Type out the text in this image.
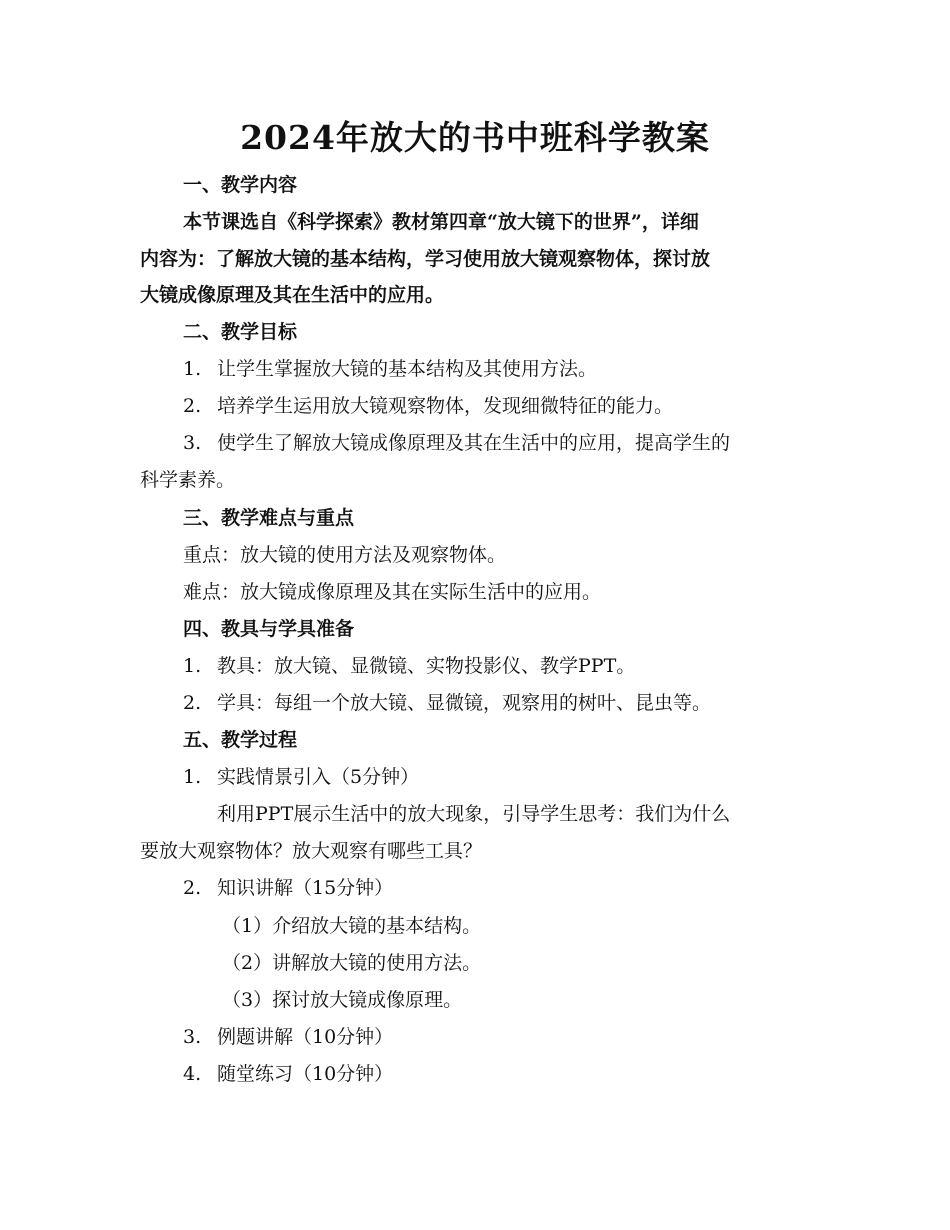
2024年放大的书中班科学教案
一、教学内容
本节课选自《科学探索》教材第四章“放大镜下的世界”，详细
内容为：了解放大镜的基本结构，学习使用放大镜观察物体，探讨放
大镜成像原理及其在生活中的应用。
二、教学目标
1. 让学生掌握放大镜的基本结构及其使用方法。
2. 培养学生运用放大镜观察物体，发现细微特征的能力。
3. 使学生了解放大镜成像原理及其在生活中的应用，提高学生的
科学素养。
三、教学难点与重点
重点：放大镜的使用方法及观察物体。
难点：放大镜成像原理及其在实际生活中的应用。
四、教具与学具准备
1. 教具：放大镜、显微镜、实物投影仪、教学PPT。
2. 学具：每组一个放大镜、显微镜，观察用的树叶、昆虫等。
五、教学过程
1. 实践情景引入（5分钟）
利用PPT展示生活中的放大现象，引导学生思考：我们为什么
要放大观察物体？放大观察有哪些工具？
2. 知识讲解（15分钟）
（1）介绍放大镜的基本结构。
（2）讲解放大镜的使用方法。
（3）探讨放大镜成像原理。
3. 例题讲解（10分钟）
4. 随堂练习（10分钟）
